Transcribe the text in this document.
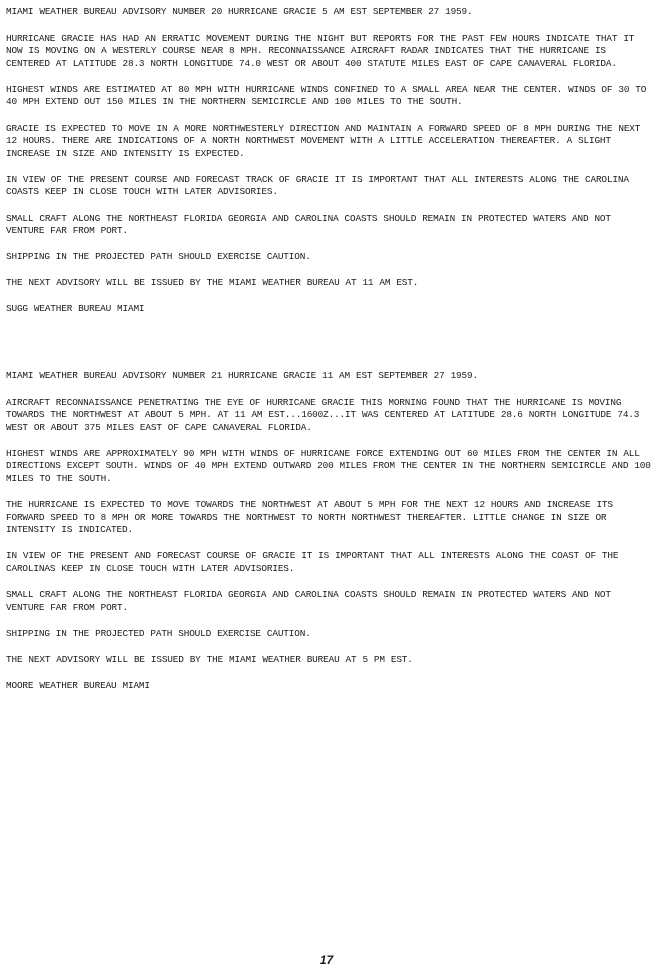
MIAMI WEATHER BUREAU ADVISORY NUMBER 20 HURRICANE GRACIE 5 AM EST SEPTEMBER 27 1959.

HURRICANE GRACIE HAS HAD AN ERRATIC MOVEMENT DURING THE NIGHT BUT REPORTS FOR THE PAST FEW HOURS INDICATE THAT IT NOW IS MOVING ON A WESTERLY COURSE NEAR 8 MPH. RECONNAISSANCE AIRCRAFT RADAR INDICATES THAT THE HURRICANE IS CENTERED AT LATITUDE 28.3 NORTH LONGITUDE 74.0 WEST OR ABOUT 400 STATUTE MILES EAST OF CAPE CANAVERAL FLORIDA.

HIGHEST WINDS ARE ESTIMATED AT 80 MPH WITH HURRICANE WINDS CONFINED TO A SMALL AREA NEAR THE CENTER. WINDS OF 30 TO 40 MPH EXTEND OUT 150 MILES IN THE NORTHERN SEMICIRCLE AND 100 MILES TO THE SOUTH.

GRACIE IS EXPECTED TO MOVE IN A MORE NORTHWESTERLY DIRECTION AND MAINTAIN A FORWARD SPEED OF 8 MPH DURING THE NEXT 12 HOURS. THERE ARE INDICATIONS OF A NORTH NORTHWEST MOVEMENT WITH A LITTLE ACCELERATION THEREAFTER. A SLIGHT INCREASE IN SIZE AND INTENSITY IS EXPECTED.

IN VIEW OF THE PRESENT COURSE AND FORECAST TRACK OF GRACIE IT IS IMPORTANT THAT ALL INTERESTS ALONG THE CAROLINA COASTS KEEP IN CLOSE TOUCH WITH LATER ADVISORIES.

SMALL CRAFT ALONG THE NORTHEAST FLORIDA GEORGIA AND CAROLINA COASTS SHOULD REMAIN IN PROTECTED WATERS AND NOT VENTURE FAR FROM PORT.

SHIPPING IN THE PROJECTED PATH SHOULD EXERCISE CAUTION.

THE NEXT ADVISORY WILL BE ISSUED BY THE MIAMI WEATHER BUREAU AT 11 AM EST.

SUGG WEATHER BUREAU MIAMI

MIAMI WEATHER BUREAU ADVISORY NUMBER 21 HURRICANE GRACIE 11 AM EST SEPTEMBER 27 1959.

AIRCRAFT RECONNAISSANCE PENETRATING THE EYE OF HURRICANE GRACIE THIS MORNING FOUND THAT THE HURRICANE IS MOVING TOWARDS THE NORTHWEST AT ABOUT 5 MPH. AT 11 AM EST...1600Z...IT WAS CENTERED AT LATITUDE 28.6 NORTH LONGITUDE 74.3 WEST OR ABOUT 375 MILES EAST OF CAPE CANAVERAL FLORIDA.

HIGHEST WINDS ARE APPROXIMATELY 90 MPH WITH WINDS OF HURRICANE FORCE EXTENDING OUT 60 MILES FROM THE CENTER IN ALL DIRECTIONS EXCEPT SOUTH. WINDS OF 40 MPH EXTEND OUTWARD 200 MILES FROM THE CENTER IN THE NORTHERN SEMICIRCLE AND 100 MILES TO THE SOUTH.

THE HURRICANE IS EXPECTED TO MOVE TOWARDS THE NORTHWEST AT ABOUT 5 MPH FOR THE NEXT 12 HOURS AND INCREASE ITS FORWARD SPEED TO 8 MPH OR MORE TOWARDS THE NORTHWEST TO NORTH NORTHWEST THEREAFTER. LITTLE CHANGE IN SIZE OR INTENSITY IS INDICATED.

IN VIEW OF THE PRESENT AND FORECAST COURSE OF GRACIE IT IS IMPORTANT THAT ALL INTERESTS ALONG THE COAST OF THE CAROLINAS KEEP IN CLOSE TOUCH WITH LATER ADVISORIES.

SMALL CRAFT ALONG THE NORTHEAST FLORIDA GEORGIA AND CAROLINA COASTS SHOULD REMAIN IN PROTECTED WATERS AND NOT VENTURE FAR FROM PORT.

SHIPPING IN THE PROJECTED PATH SHOULD EXERCISE CAUTION.

THE NEXT ADVISORY WILL BE ISSUED BY THE MIAMI WEATHER BUREAU AT 5 PM EST.

MOORE WEATHER BUREAU MIAMI

17
